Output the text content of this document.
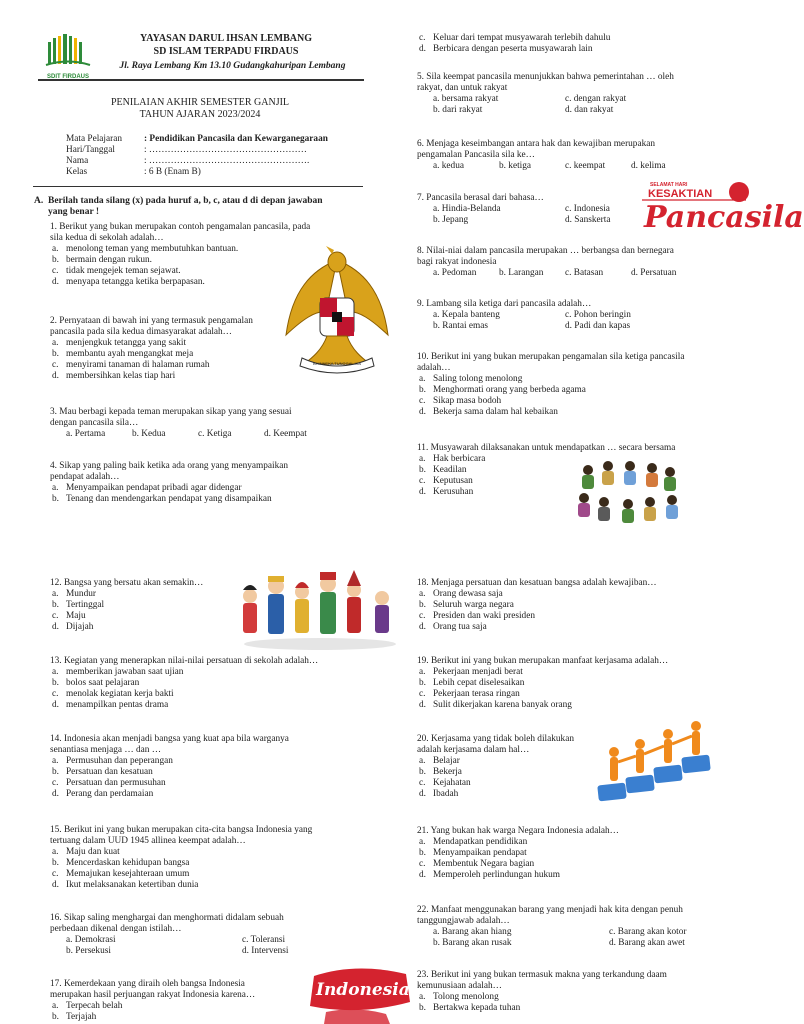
SDIT FIRDAUS
YAYASAN DARUL IHSAN LEMBANG
SD ISLAM TERPADU FIRDAUS
Jl. Raya Lembang Km 13.10 Gudangkahuripan Lembang
PENILAIAN AKHIR SEMESTER GANJIL
TAHUN AJARAN 2023/2024
Mata Pelajaran	: Pendidikan Pancasila dan Kewarganegaraan
Hari/Tanggal	: ……………………………………………
Nama	: …………………………………………….
Kelas	: 6 B (Enam B)
A. Berilah tanda silang (x) pada huruf a, b, c, atau d di depan jawaban
yang benar !
BHINNEKA TUNGGAL IKA
1. Berikut yang bukan merupakan contoh pengamalan pancasila, pada
sila kedua di sekolah adalah…
a. menolong teman yang membutuhkan bantuan.
b. bermain dengan rukun.
c. tidak mengejek teman sejawat.
d. menyapa tetangga ketika berpapasan.
2. Pernyataan di bawah ini yang termasuk pengamalan
pancasila pada sila kedua dimasyarakat adalah…
a. menjengkuk tetangga yang sakit
b. membantu ayah mengangkat meja
c. menyirami tanaman di halaman rumah
d. membersihkan kelas tiap hari
3. Mau berbagi kepada teman merupakan sikap yang yang sesuai
dengan pancasila sila…
a. Pertama	b. Kedua	c. Ketiga	d. Keempat
4. Sikap yang paling baik ketika ada orang yang menyampaikan
pendapat adalah…
a. Menyampaikan pendapat pribadi agar didengar
b. Tenang dan mendengarkan pendapat yang disampaikan
c. Keluar dari tempat musyawarah terlebih dahulu
d. Berbicara dengan peserta musyawarah lain
5. Sila keempat pancasila menunjukkan bahwa pemerintahan … oleh
rakyat, dan untuk rakyat
a. bersama rakyat	c. dengan rakyat
b. dari rakyat	d. dan rakyat
6. Menjaga keseimbangan antara hak dan kewajiban merupakan
pengamalan Pancasila sila ke…
a. kedua	b. ketiga	c. keempat	d. kelima
7. Pancasila berasal dari bahasa…
a. Hindia-Belanda	c. Indonesia
b. Jepang	d. Sanskerta
SELAMAT HARI
KESAKTIAN
Pancasila
8. Nilai-niai dalam pancasila merupakan … berbangsa dan bernegara
bagi rakyat indonesia
a. Pedoman	b. Larangan	c. Batasan	d. Persatuan
9. Lambang sila ketiga dari pancasila adalah…
a. Kepala banteng	c. Pohon beringin
b. Rantai emas	d. Padi dan kapas
10. Berikut ini yang bukan merupakan pengamalan sila ketiga pancasila
adalah…
a. Saling tolong menolong
b. Menghormati orang yang berbeda agama
c. Sikap masa bodoh
d. Bekerja sama dalam hal kebaikan
11. Musyawarah dilaksanakan untuk mendapatkan … secara bersama
a. Hak berbicara
b. Keadilan
c. Keputusan
d. Kerusuhan
12. Bangsa yang bersatu akan semakin…
a. Mundur
b. Tertinggal
c. Maju
d. Dijajah
13. Kegiatan yang menerapkan nilai-nilai persatuan di sekolah adalah…
a. memberikan jawaban saat ujian
b. bolos saat pelajaran
c. menolak kegiatan kerja bakti
d. menampilkan pentas drama
14. Indonesia akan menjadi bangsa yang kuat apa bila warganya
senantiasa menjaga … dan …
a. Permusuhan dan peperangan
b. Persatuan dan kesatuan
c. Persatuan dan permusuhan
d. Perang dan perdamaian
15. Berikut ini yang bukan merupakan cita-cita bangsa Indonesia yang
tertuang dalam UUD 1945 allinea keempat adalah…
a. Maju dan kuat
b. Mencerdaskan kehidupan bangsa
c. Memajukan kesejahteraan umum
d. Ikut melaksanakan ketertiban dunia
16. Sikap saling menghargai dan menghormati didalam sebuah
perbedaan dikenal dengan istilah…
a. Demokrasi	c. Toleransi
b. Persekusi	d. Intervensi
17. Kemerdekaan yang diraih oleh bangsa Indonesia
merupakan hasil perjuangan rakyat Indonesia karena…
a. Terpecah belah
b. Terjajah
Indonesia
18. Menjaga persatuan dan kesatuan bangsa adalah kewajiban…
a. Orang dewasa saja
b. Seluruh warga negara
c. Presiden dan waki presiden
d. Orang tua saja
19. Berikut ini yang bukan merupakan manfaat kerjasama adalah…
a. Pekerjaan menjadi berat
b. Lebih cepat diselesaikan
c. Pekerjaan terasa ringan
d. Sulit dikerjakan karena banyak orang
20. Kerjasama yang tidak boleh dilakukan
adalah kerjasama dalam hal…
a. Belajar
b. Bekerja
c. Kejahatan
d. Ibadah
21. Yang bukan hak warga Negara Indonesia adalah…
a. Mendapatkan pendidikan
b. Menyampaikan pendapat
c. Membentuk Negara bagian
d. Memperoleh perlindungan hukum
22. Manfaat menggunakan barang yang menjadi hak kita dengan penuh
tanggungjawab adalah…
a. Barang akan hiang	c. Barang akan kotor
b. Barang akan rusak	d. Barang akan awet
23. Berikut ini yang bukan termasuk makna yang terkandung daam
kemunusiaan adalah…
a. Tolong menolong
b. Bertakwa kepada tuhan
